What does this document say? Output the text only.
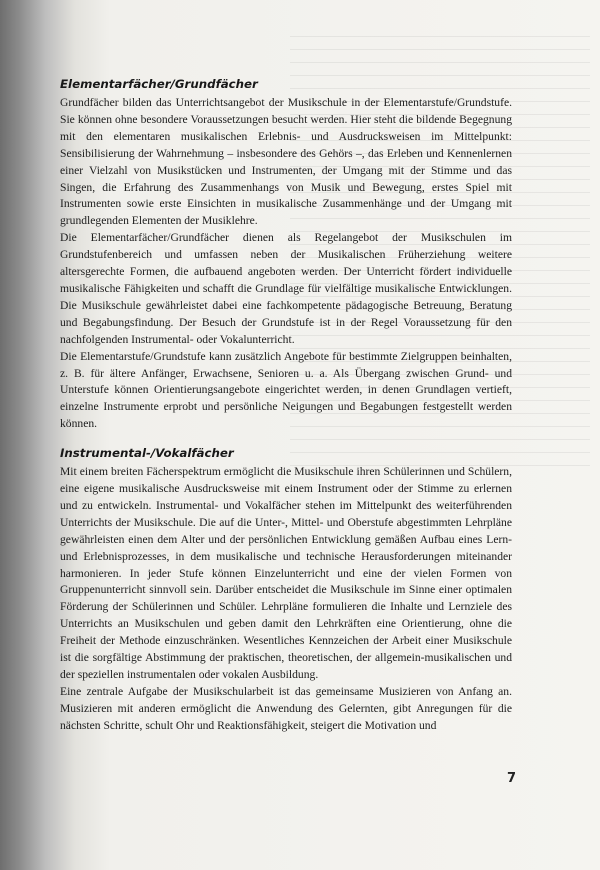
Elementarfächer/Grundfächer

Grundfächer bilden das Unterrichtsangebot der Musikschule in der Elementarstufe/Grundstufe. Sie können ohne besondere Voraussetzungen besucht werden. Hier steht die bildende Begegnung mit den elementaren musikalischen Erlebnis- und Ausdrucksweisen im Mittelpunkt: Sensibilisierung der Wahrnehmung – insbesondere des Gehörs –, das Erleben und Kennenlernen einer Vielzahl von Musikstücken und Instrumenten, der Umgang mit der Stimme und das Singen, die Erfahrung des Zusammenhangs von Musik und Bewegung, erstes Spiel mit Instrumenten sowie erste Einsichten in musikalische Zusammenhänge und der Umgang mit grundlegenden Elementen der Musiklehre.

Die Elementarfächer/Grundfächer dienen als Regelangebot der Musikschulen im Grundstufenbereich und umfassen neben der Musikalischen Früherziehung weitere altersgerechte Formen, die aufbauend angeboten werden. Der Unterricht fördert individuelle musikalische Fähigkeiten und schafft die Grundlage für vielfältige musikalische Entwicklungen. Die Musikschule gewährleistet dabei eine fachkompetente pädagogische Betreuung, Beratung und Begabungsfindung. Der Besuch der Grundstufe ist in der Regel Voraussetzung für den nachfolgenden Instrumental- oder Vokalunterricht.

Die Elementarstufe/Grundstufe kann zusätzlich Angebote für bestimmte Zielgruppen beinhalten, z. B. für ältere Anfänger, Erwachsene, Senioren u. a. Als Übergang zwischen Grund- und Unterstufe können Orientierungsangebote eingerichtet werden, in denen Grundlagen vertieft, einzelne Instrumente erprobt und persönliche Neigungen und Begabungen festgestellt werden können.

Instrumental-/Vokalfächer

Mit einem breiten Fächerspektrum ermöglicht die Musikschule ihren Schülerinnen und Schülern, eine eigene musikalische Ausdrucksweise mit einem Instrument oder der Stimme zu erlernen und zu entwickeln. Instrumental- und Vokalfächer stehen im Mittelpunkt des weiterführenden Unterrichts der Musikschule. Die auf die Unter-, Mittel- und Oberstufe abgestimmten Lehrpläne gewährleisten einen dem Alter und der persönlichen Entwicklung gemäßen Aufbau eines Lern- und Erlebnisprozesses, in dem musikalische und technische Herausforderungen miteinander harmonieren. In jeder Stufe können Einzelunterricht und eine der vielen Formen von Gruppenunterricht sinnvoll sein. Darüber entscheidet die Musikschule im Sinne einer optimalen Förderung der Schülerinnen und Schüler. Lehrpläne formulieren die Inhalte und Lernziele des Unterrichts an Musikschulen und geben damit den Lehrkräften eine Orientierung, ohne die Freiheit der Methode einzuschränken. Wesentliches Kennzeichen der Arbeit einer Musikschule ist die sorgfältige Abstimmung der praktischen, theoretischen, der allgemein-musikalischen und der speziellen instrumentalen oder vokalen Ausbildung.

Eine zentrale Aufgabe der Musikschularbeit ist das gemeinsame Musizieren von Anfang an. Musizieren mit anderen ermöglicht die Anwendung des Gelernten, gibt Anregungen für die nächsten Schritte, schult Ohr und Reaktionsfähigkeit, steigert die Motivation und

7
